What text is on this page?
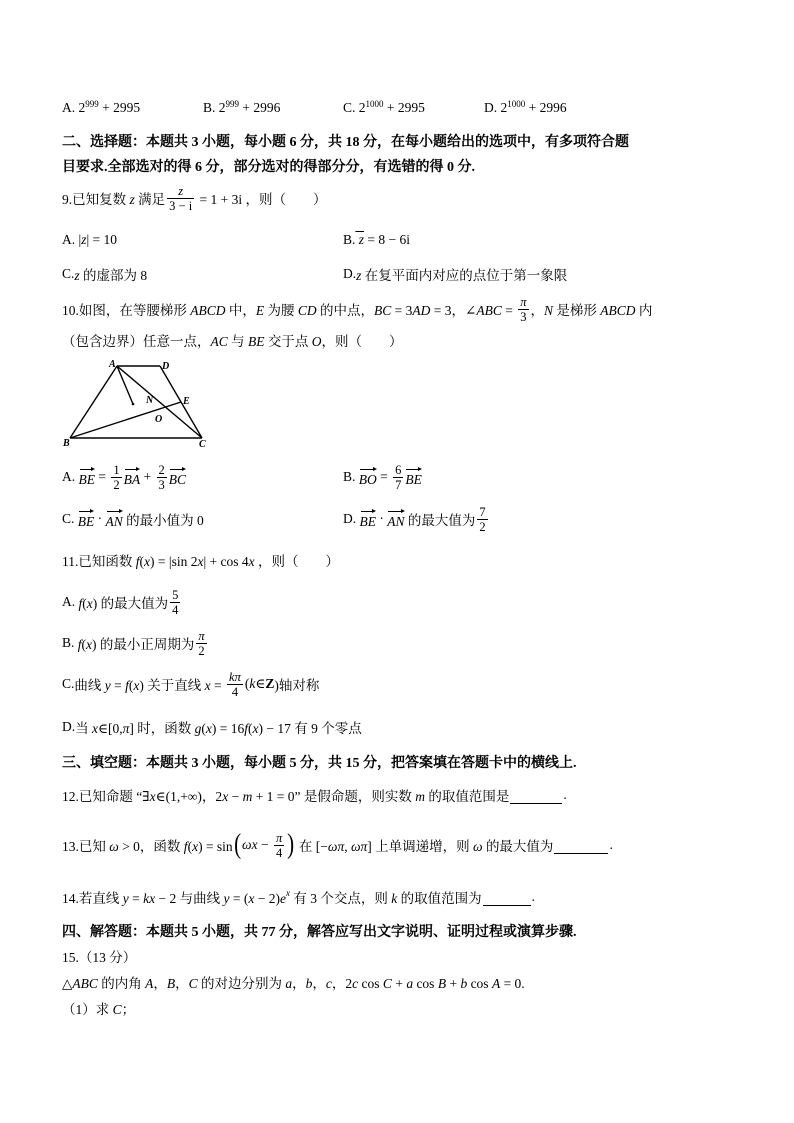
A. 2 999 + 2995	B. 2 999 + 2996	C. 2 1000 + 2995	D. 2 1000 + 2996
二、选择题：本题共 3 小题，每小题 6 分，共 18 分，在每小题给出的选项中，有多项符合题
目要求.全部选对的得 6 分，部分选对的得部分分，有选错的得 0 分.
9.已知复数 z 满足 $\frac{z}{3 - i} = 1 + 3i$ ，则（　　）
A. |z| = 10	B. z = 8 − 6i
C. z 的虚部为 8	D. z 在复平面内对应的点位于第一象限
10.如图，在等腰梯形 ABCD 中，E 为腰 CD 的中点，BC = 3AD = 3，∠ABC = $\frac{\pi}{3}$ ，N 是梯形 ABCD 内
（包含边界）任意一点，AC 与 BE 交于点 O，则（　　）
A	D
B	C
E
N
O
A. BE = $\frac{1}{2}$ BA + $\frac{2}{3}$ BC	B. BO = $\frac{6}{7}$ BE
C. BE · AN 的最小值为 0	D. BE · AN 的最大值为 $\frac{7}{2}$
11.已知函数 f(x) = |sin 2x| + cos 4x ，则（　　）
A. f(x) 的最大值为 $\frac{5}{4}$
B. f(x) 的最小正周期为 $\frac{\pi}{2}$
C. 曲线 y = f(x) 关于直线 $x = \frac{k\pi}{4}$ (k∈ Z )轴对称
D. 当 x∈[0,π] 时，函数 g(x) = 16f(x) − 17 有 9 个零点
三、填空题：本题共 3 小题，每小题 5 分，共 15 分，把答案填在答题卡中的横线上.
12.已知命题 “∃x∈(1,+∞)，2x − m + 1 = 0” 是假命题，则实数 m 的取值范围是	.
13.已知 ω > 0，函数 f(x) = sin ( $\omega x - \frac{\pi}{4}$ ) 在 [−ωπ, ωπ] 上单调递增，则 ω 的最大值为	.
14.若直线 y = kx − 2 与曲线 y = (x − 2)e x 有 3 个交点，则 k 的取值范围为	.
四、解答题：本题共 5 小题，共 77 分，解答应写出文字说明、证明过程或演算步骤.
15.（13 分）
△ABC 的内角 A，B，C 的对边分别为 a，b，c，2c cos C + a cos B + b cos A = 0.
（1）求 C；
